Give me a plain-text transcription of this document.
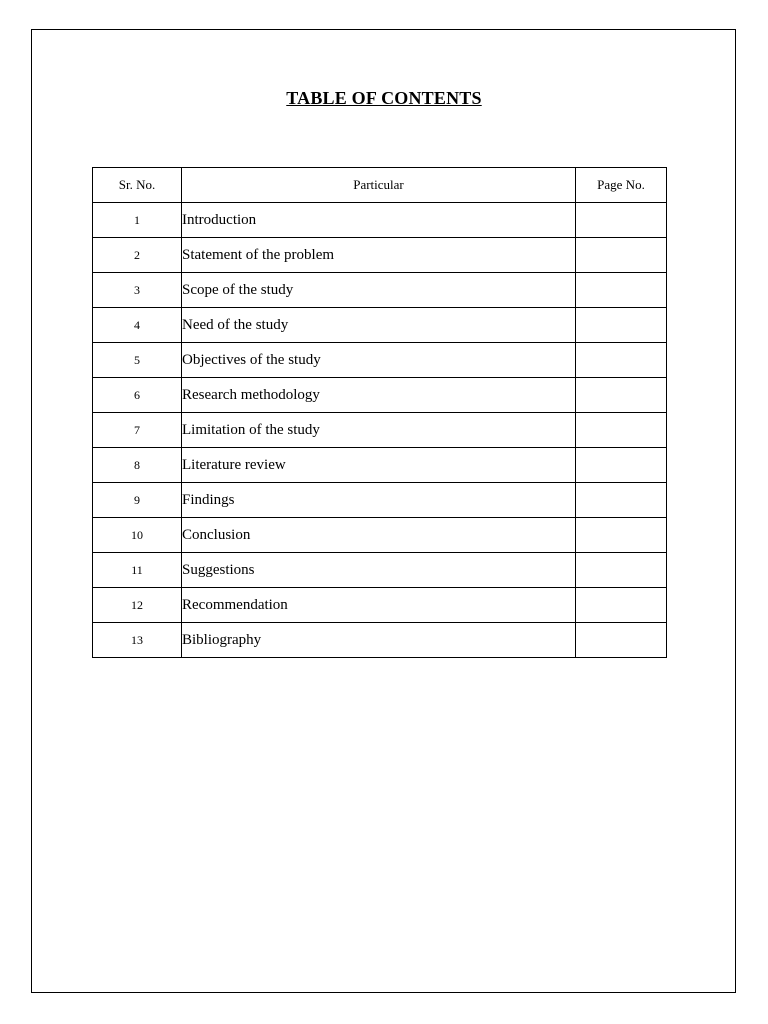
TABLE OF CONTENTS
Sr. No.	Particular	Page No.
1	Introduction	
2	Statement of the problem	
3	Scope of the study	
4	Need of the study	
5	Objectives of the study	
6	Research methodology	
7	Limitation of the study	
8	Literature review	
9	Findings	
10	Conclusion	
11	Suggestions	
12	Recommendation	
13	Bibliography	
